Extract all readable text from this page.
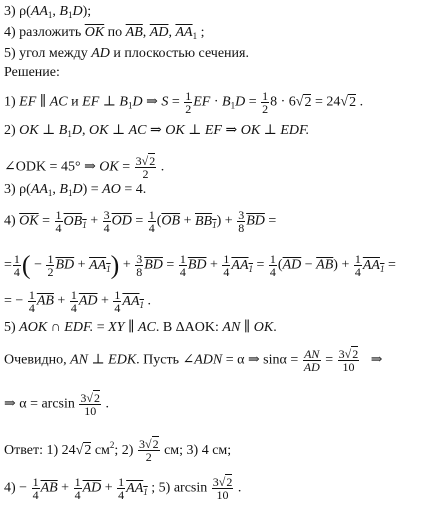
3) $\rho(AA_1$, $B_1D$);
4) разложить $\overline{OK}$ по $\overline{AB}$, $\overline{AD}$, $\overline{AA}_1$ ;
5) угол между AD и плоскостью сечения.
Решение:
1) EF ∥ AC и EF ⊥ $B_1D$ ⇒ $S = \frac{1}{2}$ EF · $B_1D = \frac{1}{2} 8 \cdot 6√2 = 24√2$ .
2) OK ⊥ $B_1D$, OK ⊥ AC ⇒ OK ⊥ EF ⇒ OK ⊥ EDF.
∠ODK = 45° ⇒ OK = $\frac{3√2}{2}$ .
3) $\rho(AA_1$, $B_1D$) = AO = 4.
4) $\overline{OK} = \frac{1}{4} OB_1 + \frac{3}{4} \overline{OD} = \frac{1}{4} (\overline{OB} + BB_1) + \frac{3}{8} \overline{BD}$ =
= $\frac{1}{4}$ ( − $\frac{1}{2} \overline{BD} + AA_1) + \frac{3}{8} \overline{BD} = \frac{1}{4} \overline{BD} + \frac{1}{4} AA_1 = \frac{1}{4} (\overline{AD} - \overline{AB}) + \frac{1}{4} AA_1$ =
= − $\frac{1}{4} \overline{AB} + \frac{1}{4} \overline{AD} + \frac{1}{4} AA_1$ .
5) AOK ∩ EDF. = XY ∥ AC. В ΔAOK: AN ∥ OK.
Очевидно, AN ⊥ EDK. Пусть ∠ADN = α ⇒ $\sin\alpha = \frac{AN}{AD} = \frac{3√2}{10}$ ⇒
⇒ $\alpha = \arcsin \frac{3√2}{10}$ .
Ответ: 1) 24√2 $см^2$; $2) \frac{3√2}{2}$ см; 3) 4 см;
$4) - \frac{1}{4} \overline{AB} + \frac{1}{4} \overline{AD} + \frac{1}{4} AA_1$ ; 5) $\arcsin \frac{3√2}{10}$ .
